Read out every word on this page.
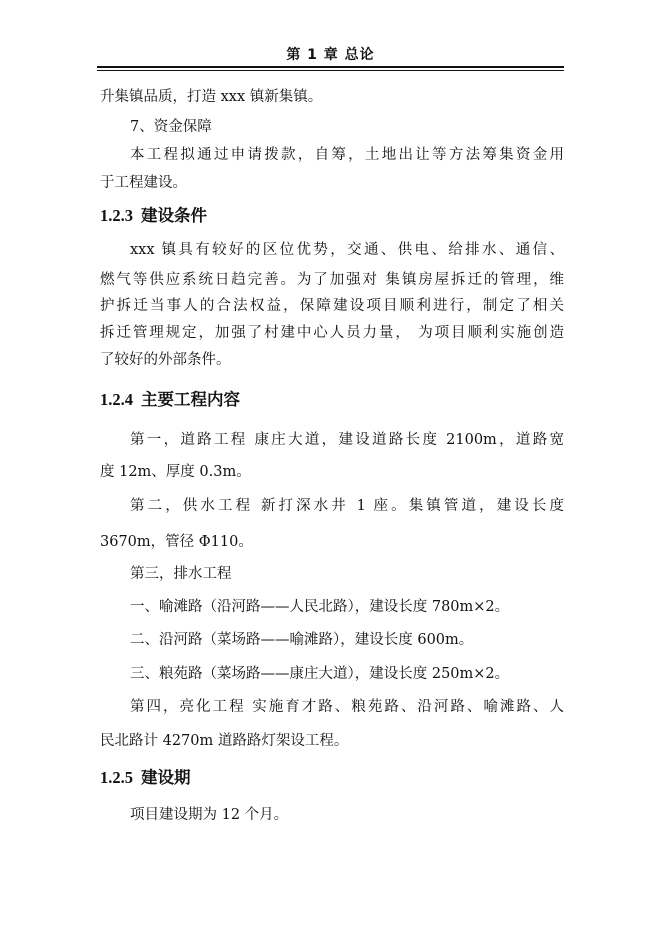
第 1 章 总论
升集镇品质，打造 xxx 镇新集镇。
7、资金保障
本工程拟通过申请拨款，自筹，土地出让等方法筹集资金用
于工程建设。
1.2.3 建设条件
xxx 镇具有较好的区位优势，交通、供电、给排水、通信、
燃气等供应系统日趋完善。为了加强对 集镇房屋拆迁的管理，维
护拆迁当事人的合法权益，保障建设项目顺利进行，制定了相关
拆迁管理规定，加强了村建中心人员力量， 为项目顺利实施创造
了较好的外部条件。
1.2.4 主要工程内容
第一，道路工程 康庄大道，建设道路长度 2100m，道路宽
度 12m、厚度 0.3m。
第二，供水工程 新打深水井 1 座。集镇管道，建设长度
3670m，管径 Φ110。
第三，排水工程
一、喻滩路（沿河路——人民北路），建设长度 780m×2。
二、沿河路（菜场路——喻滩路），建设长度 600m。
三、粮苑路（菜场路——康庄大道），建设长度 250m×2。
第四，亮化工程 实施育才路、粮苑路、沿河路、喻滩路、人
民北路计 4270m 道路路灯架设工程。
1.2.5 建设期
项目建设期为 12 个月。
